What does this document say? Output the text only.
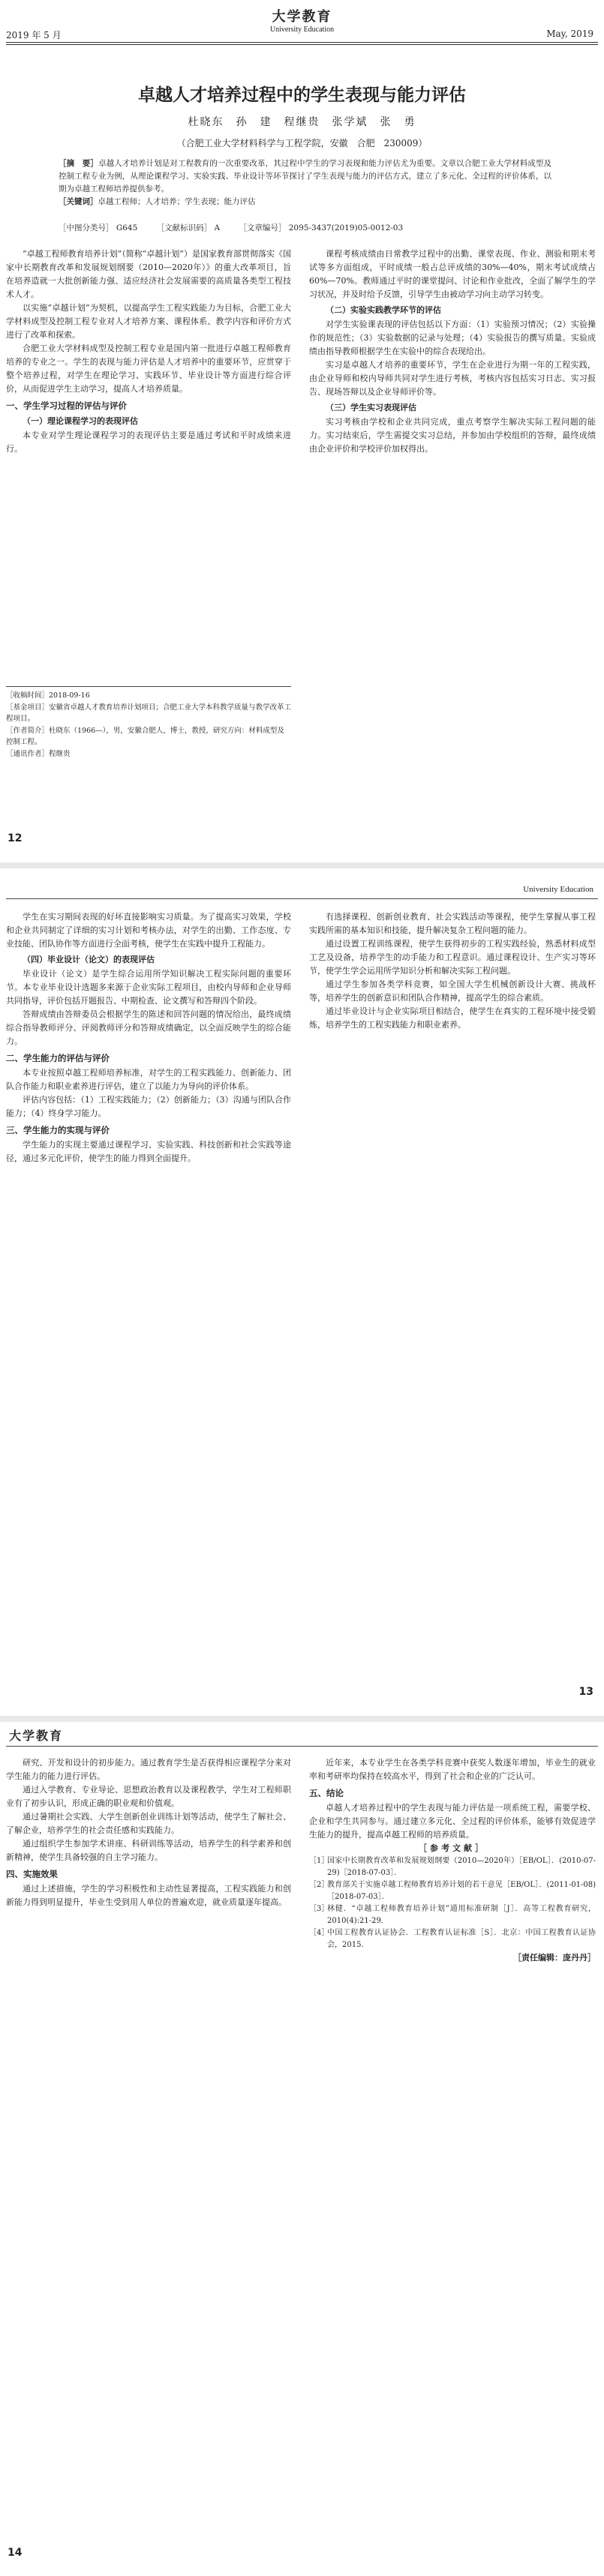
2019 年 5 月
大学教育
University Education	May, 2019
卓越人才培养过程中的学生表现与能力评估
杜晓东　孙　建　程继贵　张学斌　张　勇
（合肥工业大学材料科学与工程学院，安徽　合肥　230009）
［摘　要］卓越人才培养计划是对工程教育的一次重要改革，其过程中学生的学习表现和能力评估尤为重要。文章以合肥工业大学材料成型及控制工程专业为例，从理论课程学习、实验实践、毕业设计等环节探讨了学生表现与能力的评估方式，建立了多元化、全过程的评价体系，以期为卓越工程师培养提供参考。
［关键词］卓越工程师；人才培养；学生表现；能力评估
［中图分类号］ G645 ［文献标识码］ A ［文章编号］ 2095-3437(2019)05-0012-03

“卓越工程师教育培养计划”（简称“卓越计划”）是国家教育部贯彻落实《国家中长期教育改革和发展规划纲要（2010—2020年）》的重大改革项目，旨在培养造就一大批创新能力强、适应经济社会发展需要的高质量各类型工程技术人才。

以实施“卓越计划”为契机，以提高学生工程实践能力为目标，合肥工业大学材料成型及控制工程专业对人才培养方案、课程体系、教学内容和评价方式进行了改革和探索。

合肥工业大学材料成型及控制工程专业是国内第一批进行卓越工程师教育培养的专业之一。学生的表现与能力评估是人才培养中的重要环节，应贯穿于整个培养过程，对学生在理论学习、实践环节、毕业设计等方面进行综合评价，从而促进学生主动学习，提高人才培养质量。

一、学生学习过程的评估与评价
（一）理论课程学习的表现评估

本专业对学生理论课程学习的表现评估主要是通过考试和平时成绩来进行。

课程考核成绩由日常教学过程中的出勤、课堂表现、作业、测验和期末考试等多方面组成，平时成绩一般占总评成绩的30%—40%，期末考试成绩占60%—70%。教师通过平时的课堂提问、讨论和作业批改，全面了解学生的学习状况，并及时给予反馈，引导学生由被动学习向主动学习转变。

（二）实验实践教学环节的评估

对学生实验课表现的评估包括以下方面：（1）实验预习情况；（2）实验操作的规范性；（3）实验数据的记录与处理；（4）实验报告的撰写质量。实验成绩由指导教师根据学生在实验中的综合表现给出。

实习是卓越人才培养的重要环节，学生在企业进行为期一年的工程实践，由企业导师和校内导师共同对学生进行考核，考核内容包括实习日志、实习报告、现场答辩以及企业导师评价等。

（三）学生实习表现评估

实习考核由学校和企业共同完成，重点考察学生解决实际工程问题的能力。实习结束后，学生需提交实习总结，并参加由学校组织的答辩，最终成绩由企业评价和学校评价加权得出。

［收稿时间］2018-09-16
［基金项目］安徽省卓越人才教育培养计划项目；合肥工业大学本科教学质量与教学改革工程项目。
［作者简介］杜晓东（1966—），男，安徽合肥人，博士，教授，研究方向：材料成型及控制工程。
［通讯作者］程继贵
12
University Education

学生在实习期间表现的好坏直接影响实习质量。为了提高实习效果，学校和企业共同制定了详细的实习计划和考核办法，对学生的出勤、工作态度、专业技能、团队协作等方面进行全面考核，使学生在实践中提升工程能力。

（四）毕业设计（论文）的表现评估

毕业设计（论文）是学生综合运用所学知识解决工程实际问题的重要环节。本专业毕业设计选题多来源于企业实际工程项目，由校内导师和企业导师共同指导，评价包括开题报告、中期检查、论文撰写和答辩四个阶段。

答辩成绩由答辩委员会根据学生的陈述和回答问题的情况给出，最终成绩综合指导教师评分、评阅教师评分和答辩成绩确定，以全面反映学生的综合能力。

二、学生能力的评估与评价

本专业按照卓越工程师培养标准，对学生的工程实践能力、创新能力、团队合作能力和职业素养进行评估，建立了以能力为导向的评价体系。

评估内容包括：（1）工程实践能力；（2）创新能力；（3）沟通与团队合作能力；（4）终身学习能力。

三、学生能力的实现与评价

学生能力的实现主要通过课程学习、实验实践、科技创新和社会实践等途径，通过多元化评价，使学生的能力得到全面提升。

有选择课程、创新创业教育、社会实践活动等课程，使学生掌握从事工程实践所需的基本知识和技能，提升解决复杂工程问题的能力。

通过设置工程训练课程，使学生获得初步的工程实践经验，熟悉材料成型工艺及设备，培养学生的动手能力和工程意识。通过课程设计、生产实习等环节，使学生学会运用所学知识分析和解决实际工程问题。

通过学生参加各类学科竞赛，如全国大学生机械创新设计大赛、挑战杯等，培养学生的创新意识和团队合作精神，提高学生的综合素质。

通过毕业设计与企业实际项目相结合，使学生在真实的工程环境中接受锻炼，培养学生的工程实践能力和职业素养。

13
大学教育

研究、开发和设计的初步能力。通过教育学生是否获得相应课程学分来对学生能力的能力进行评估。

通过入学教育、专业导论、思想政治教育以及课程教学，学生对工程师职业有了初步认识，形成正确的职业观和价值观。

通过暑期社会实践、大学生创新创业训练计划等活动，使学生了解社会、了解企业，培养学生的社会责任感和实践能力。

通过组织学生参加学术讲座、科研训练等活动，培养学生的科学素养和创新精神，使学生具备较强的自主学习能力。

四、实施效果

通过上述措施，学生的学习积极性和主动性显著提高，工程实践能力和创新能力得到明显提升，毕业生受到用人单位的普遍欢迎，就业质量逐年提高。

近年来，本专业学生在各类学科竞赛中获奖人数逐年增加，毕业生的就业率和考研率均保持在较高水平，得到了社会和企业的广泛认可。

五、结论

卓越人才培养过程中的学生表现与能力评估是一项系统工程，需要学校、企业和学生共同参与。通过建立多元化、全过程的评价体系，能够有效促进学生能力的提升，提高卓越工程师的培养质量。

［参考文献］

［1］
国家中长期教育改革和发展规划纲要（2010—2020年）［EB/OL］．(2010-07-29)［2018-07-03］．

［2］
教育部关于实施卓越工程师教育培养计划的若干意见［EB/OL］．(2011-01-08)［2018-07-03］．

［3］
林健．“卓越工程师教育培养计划”通用标准研制［J］．高等工程教育研究，2010(4):21-29．

［4］
中国工程教育认证协会．工程教育认证标准［S］．北京：中国工程教育认证协会，2015．

［责任编辑：庞丹丹］

14
